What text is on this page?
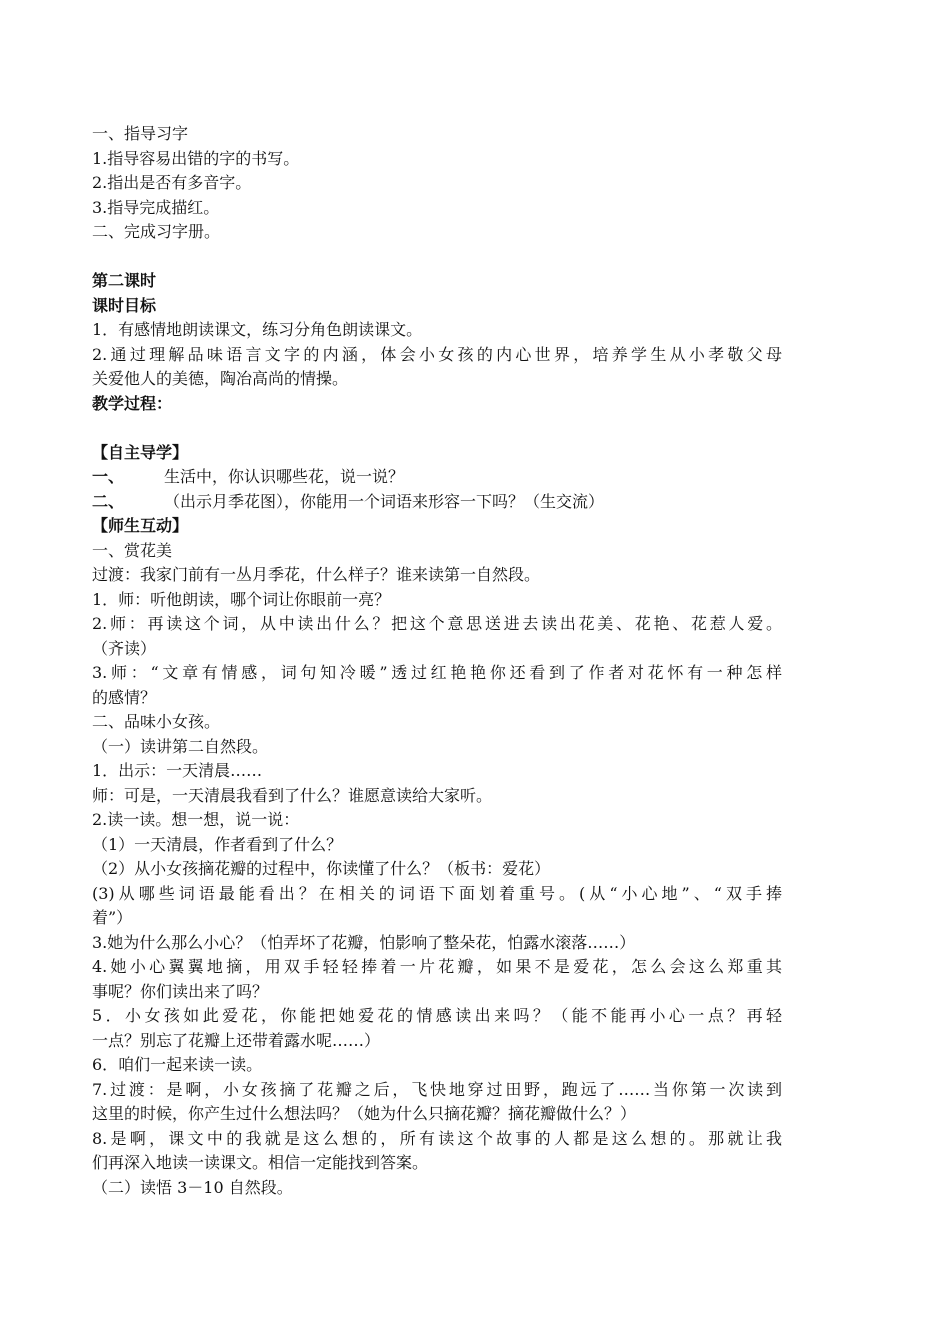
一、指导习字
1.指导容易出错的字的书写。
2.指出是否有多音字。
3.指导完成描红。
二、完成习字册。
第二课时
课时目标
1．有感情地朗读课文，练习分角色朗读课文。
2.通过理解品味语言文字的内涵，体会小女孩的内心世界，培养学生从小孝敬父母
关爱他人的美德，陶冶高尚的情操。
教学过程：
【自主导学】
一、	生活中，你认识哪些花，说一说？
二、	（出示月季花图），你能用一个词语来形容一下吗？（生交流）
【师生互动】
一、赏花美
过渡：我家门前有一丛月季花，什么样子？谁来读第一自然段。
1．师：听他朗读，哪个词让你眼前一亮？
2.师：再读这个词，从中读出什么？把这个意思送进去读出花美、花艳、花惹人爱。
（齐读）
3.师：“文章有情感，词句知冷暖”透过红艳艳你还看到了作者对花怀有一种怎样
的感情？
二、品味小女孩。
（一）读讲第二自然段。
1．出示：一天清晨……
师：可是，一天清晨我看到了什么？谁愿意读给大家听。
2.读一读。想一想，说一说：
（1）一天清晨，作者看到了什么？
（2）从小女孩摘花瓣的过程中，你读懂了什么？（板书：爱花）
(3)从哪些词语最能看出？在相关的词语下面划着重号。(从“小心地”、“双手捧
着”）
3.她为什么那么小心？（怕弄坏了花瓣，怕影响了整朵花，怕露水滚落……）
4.她小心翼翼地摘，用双手轻轻捧着一片花瓣，如果不是爱花，怎么会这么郑重其
事呢？你们读出来了吗？
5．小女孩如此爱花，你能把她爱花的情感读出来吗？（能不能再小心一点？再轻
一点？别忘了花瓣上还带着露水呢……）
6．咱们一起来读一读。
7.过渡：是啊，小女孩摘了花瓣之后，飞快地穿过田野，跑远了……当你第一次读到
这里的时候，你产生过什么想法吗？（她为什么只摘花瓣？摘花瓣做什么？）
8.是啊，课文中的我就是这么想的，所有读这个故事的人都是这么想的。那就让我
们再深入地读一读课文。相信一定能找到答案。
（二）读悟 3－10 自然段。
